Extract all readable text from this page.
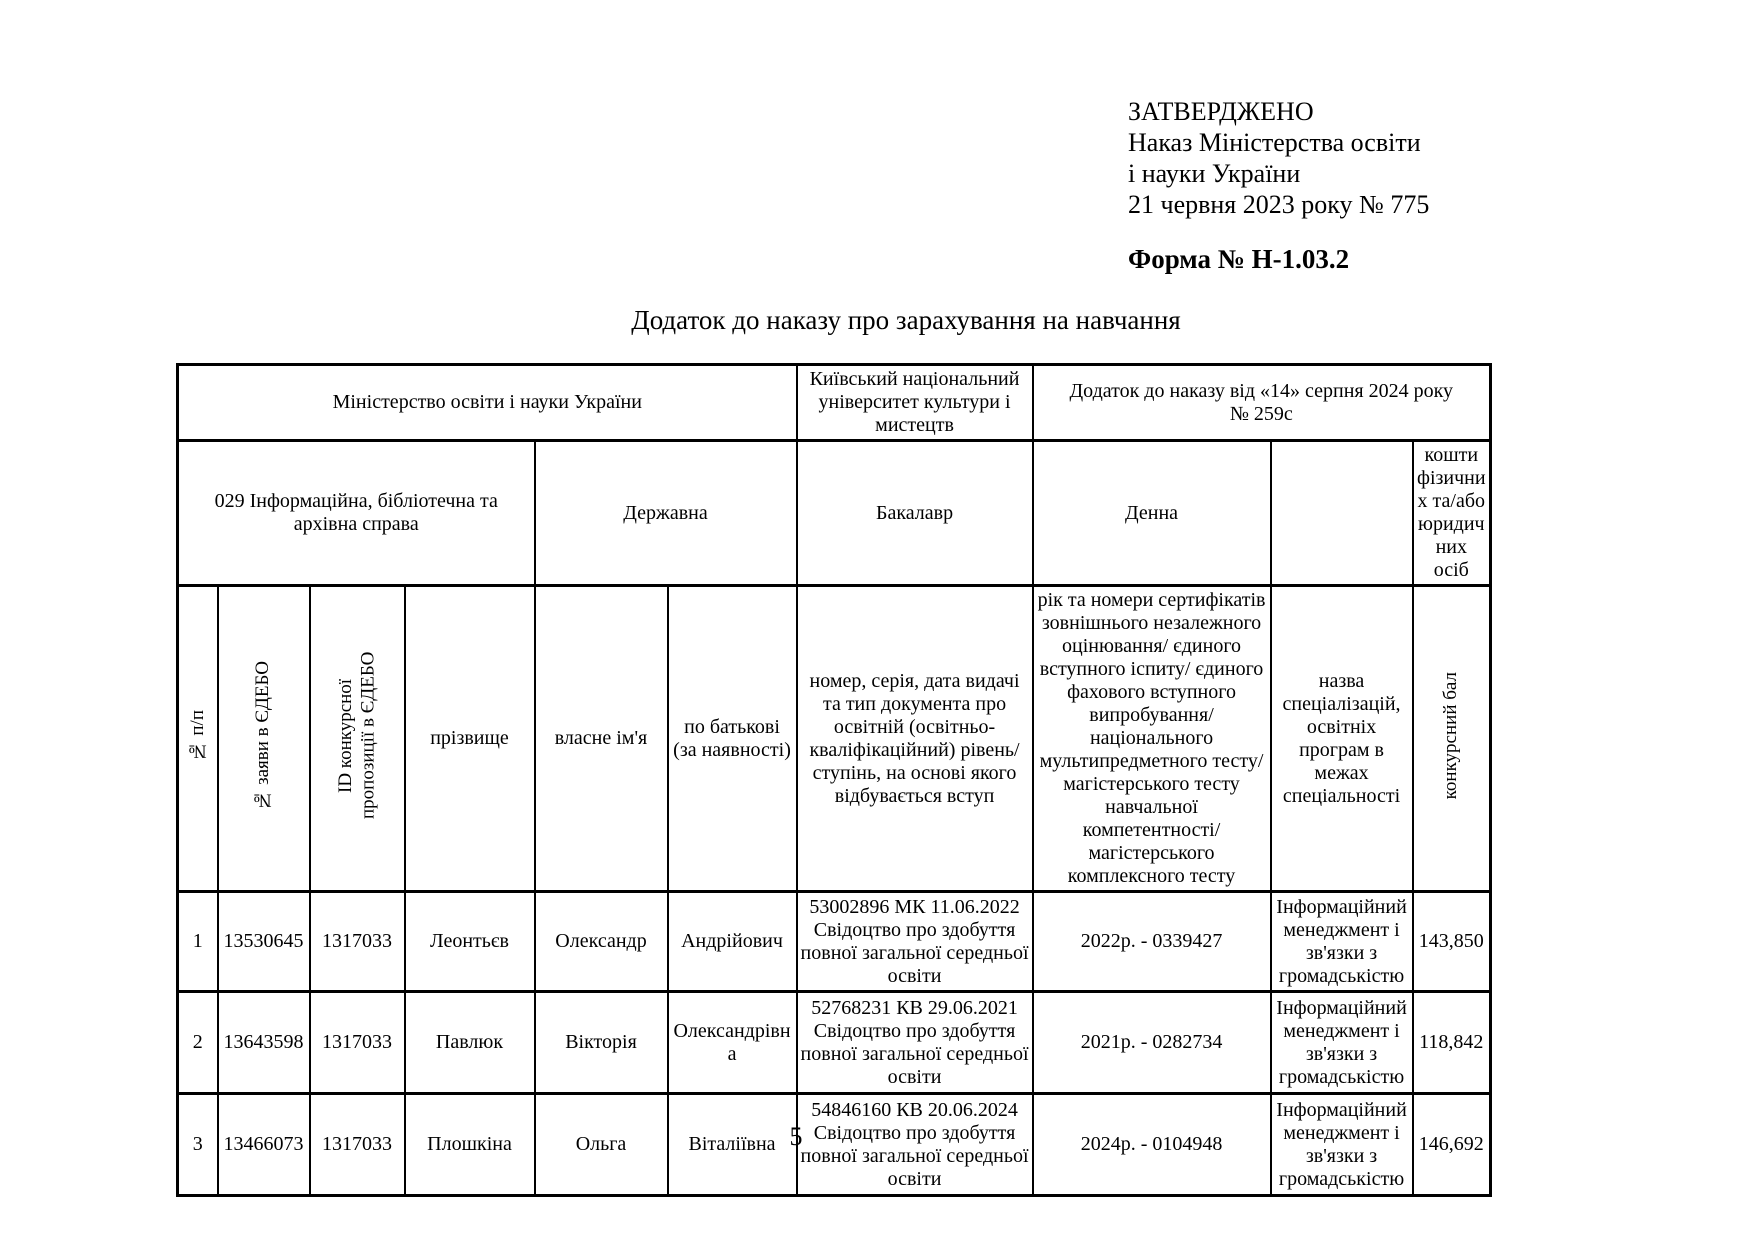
ЗАТВЕРДЖЕНО
Наказ Міністерства освіти
і науки України
21 червня 2023 року № 775
Форма № Н-1.03.2
Додаток до наказу про зарахування на навчання
Міністерство освіти і науки України						Київський національний університет культури і мистецтв	Додаток до наказу від «14» серпня 2024 року
№ 259с		

029 Інформаційна, бібліотечна та архівна справа				Державна		Бакалавр	Денна		кошти фізичних та/або юридичних осіб
№ п/п	№ заяви в ЄДЕБО	ID конкурсної пропозиції в ЄДЕБО	прізвище	власне ім'я	по батькові (за наявності)	номер, серія, дата видачі та тип документа про освітній (освітньо-кваліфікаційний) рівень/ступінь, на основі якого відбувається вступ	рік та номери сертифікатів зовнішнього незалежного оцінювання/ єдиного вступного іспиту/ єдиного фахового вступного випробування/ національного мультипредметного тесту/ магістерського тесту навчальної компетентності/ магістерського комплексного тесту	назва спеціалізацій, освітніх програм в межах спеціальності	конкурсний бал
1	13530645	1317033	Леонтьєв	Олександр	Андрійович	53002896 МК 11.06.2022 Свідоцтво про здобуття повної загальної середньої освіти	2022р. - 0339427	Інформаційний менеджмент і зв'язки з громадськістю	143,850
2	13643598	1317033	Павлюк	Вікторія	Олександрівна	52768231 КВ 29.06.2021 Свідоцтво про здобуття повної загальної середньої освіти	2021р. - 0282734	Інформаційний менеджмент і зв'язки з громадськістю	118,842
3	13466073	1317033	Плошкіна	Ольга	Віталіївна	54846160 КВ 20.06.2024 Свідоцтво про здобуття повної загальної середньої освіти	2024р. - 0104948	Інформаційний менеджмент і зв'язки з громадськістю	146,692
5
